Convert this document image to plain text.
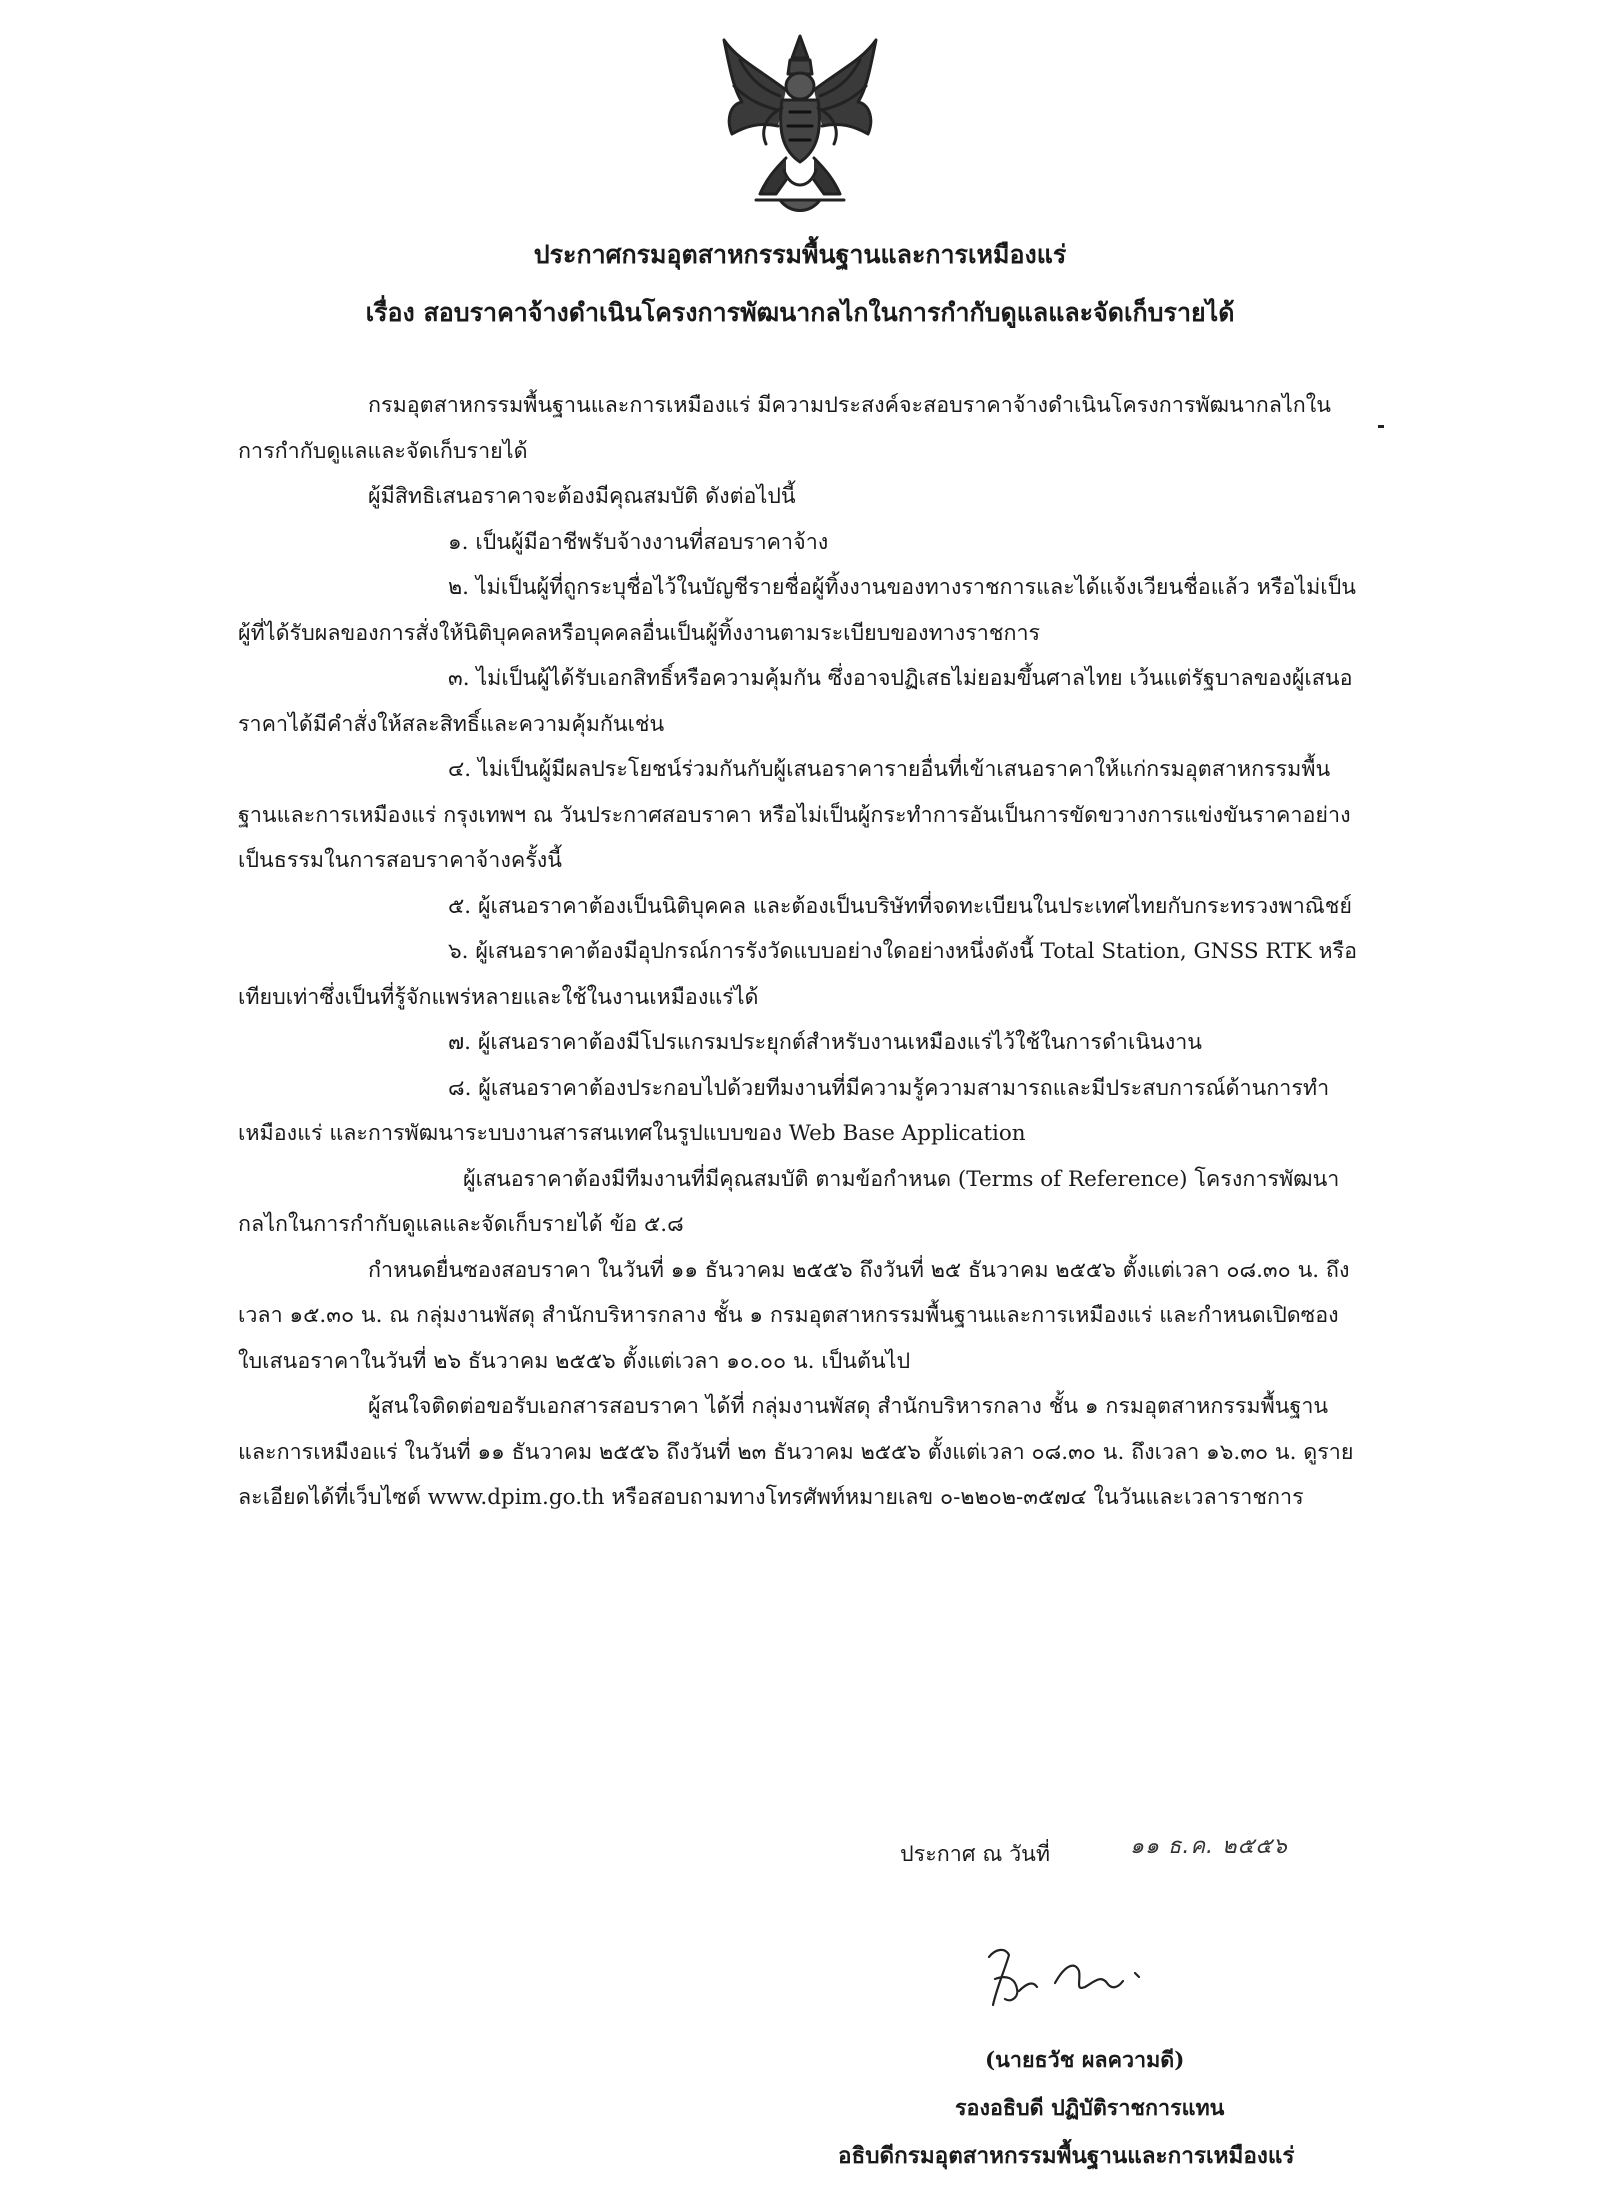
ประกาศกรมอุตสาหกรรมพื้นฐานและการเหมืองแร่
เรื่อง สอบราคาจ้างดำเนินโครงการพัฒนากลไกในการกำกับดูแลและจัดเก็บรายได้

กรมอุตสาหกรรมพื้นฐานและการเหมืองแร่ มีความประสงค์จะสอบราคาจ้างดำเนินโครงการพัฒนากลไกในการกำกับดูแลและจัดเก็บรายได้

ผู้มีสิทธิเสนอราคาจะต้องมีคุณสมบัติ ดังต่อไปนี้

๑. เป็นผู้มีอาชีพรับจ้างงานที่สอบราคาจ้าง

๒. ไม่เป็นผู้ที่ถูกระบุชื่อไว้ในบัญชีรายชื่อผู้ทิ้งงานของทางราชการและได้แจ้งเวียนชื่อแล้ว หรือไม่เป็นผู้ที่ได้รับผลของการสั่งให้นิติบุคคลหรือบุคคลอื่นเป็นผู้ทิ้งงานตามระเบียบของทางราชการ

๓. ไม่เป็นผู้ได้รับเอกสิทธิ์หรือความคุ้มกัน ซึ่งอาจปฏิเสธไม่ยอมขึ้นศาลไทย เว้นแต่รัฐบาลของผู้เสนอราคาได้มีคำสั่งให้สละสิทธิ์และความคุ้มกันเช่น

๔. ไม่เป็นผู้มีผลประโยชน์ร่วมกันกับผู้เสนอราคารายอื่นที่เข้าเสนอราคาให้แก่กรมอุตสาหกรรมพื้นฐานและการเหมืองแร่ กรุงเทพฯ ณ วันประกาศสอบราคา หรือไม่เป็นผู้กระทำการอันเป็นการขัดขวางการแข่งขันราคาอย่างเป็นธรรมในการสอบราคาจ้างครั้งนี้

๕. ผู้เสนอราคาต้องเป็นนิติบุคคล และต้องเป็นบริษัทที่จดทะเบียนในประเทศไทยกับกระทรวงพาณิชย์

๖. ผู้เสนอราคาต้องมีอุปกรณ์การรังวัดแบบอย่างใดอย่างหนึ่งดังนี้ Total Station, GNSS RTK หรือเทียบเท่าซึ่งเป็นที่รู้จักแพร่หลายและใช้ในงานเหมืองแร่ได้

๗. ผู้เสนอราคาต้องมีโปรแกรมประยุกต์สำหรับงานเหมืองแร่ไว้ใช้ในการดำเนินงาน

๘. ผู้เสนอราคาต้องประกอบไปด้วยทีมงานที่มีความรู้ความสามารถและมีประสบการณ์ด้านการทำเหมืองแร่ และการพัฒนาระบบงานสารสนเทศในรูปแบบของ Web Base Application

ผู้เสนอราคาต้องมีทีมงานที่มีคุณสมบัติ ตามข้อกำหนด (Terms of Reference) โครงการพัฒนากลไกในการกำกับดูแลและจัดเก็บรายได้ ข้อ ๕.๘

กำหนดยื่นซองสอบราคา ในวันที่ ๑๑ ธันวาคม ๒๕๕๖ ถึงวันที่ ๒๕ ธันวาคม ๒๕๕๖ ตั้งแต่เวลา ๐๘.๓๐ น. ถึงเวลา ๑๕.๓๐ น. ณ กลุ่มงานพัสดุ สำนักบริหารกลาง ชั้น ๑ กรมอุตสาหกรรมพื้นฐานและการเหมืองแร่ และกำหนดเปิดซองใบเสนอราคาในวันที่ ๒๖ ธันวาคม ๒๕๕๖ ตั้งแต่เวลา ๑๐.๐๐ น. เป็นต้นไป

ผู้สนใจติดต่อขอรับเอกสารสอบราคา ได้ที่ กลุ่มงานพัสดุ สำนักบริหารกลาง ชั้น ๑ กรมอุตสาหกรรมพื้นฐานและการเหมืงอแร่ ในวันที่ ๑๑ ธันวาคม ๒๕๕๖ ถึงวันที่ ๒๓ ธันวาคม ๒๕๕๖ ตั้งแต่เวลา ๐๘.๓๐ น. ถึงเวลา ๑๖.๓๐ น. ดูรายละเอียดได้ที่เว็บไซต์ www.dpim.go.th หรือสอบถามทางโทรศัพท์หมายเลข ๐-๒๒๐๒-๓๕๗๔ ในวันและเวลาราชการ

ประกาศ ณ วันที่	๑๑ ธ.ค. ๒๕๕๖
(นายธวัช ผลความดี)
รองอธิบดี ปฏิบัติราชการแทน
อธิบดีกรมอุตสาหกรรมพื้นฐานและการเหมืองแร่
